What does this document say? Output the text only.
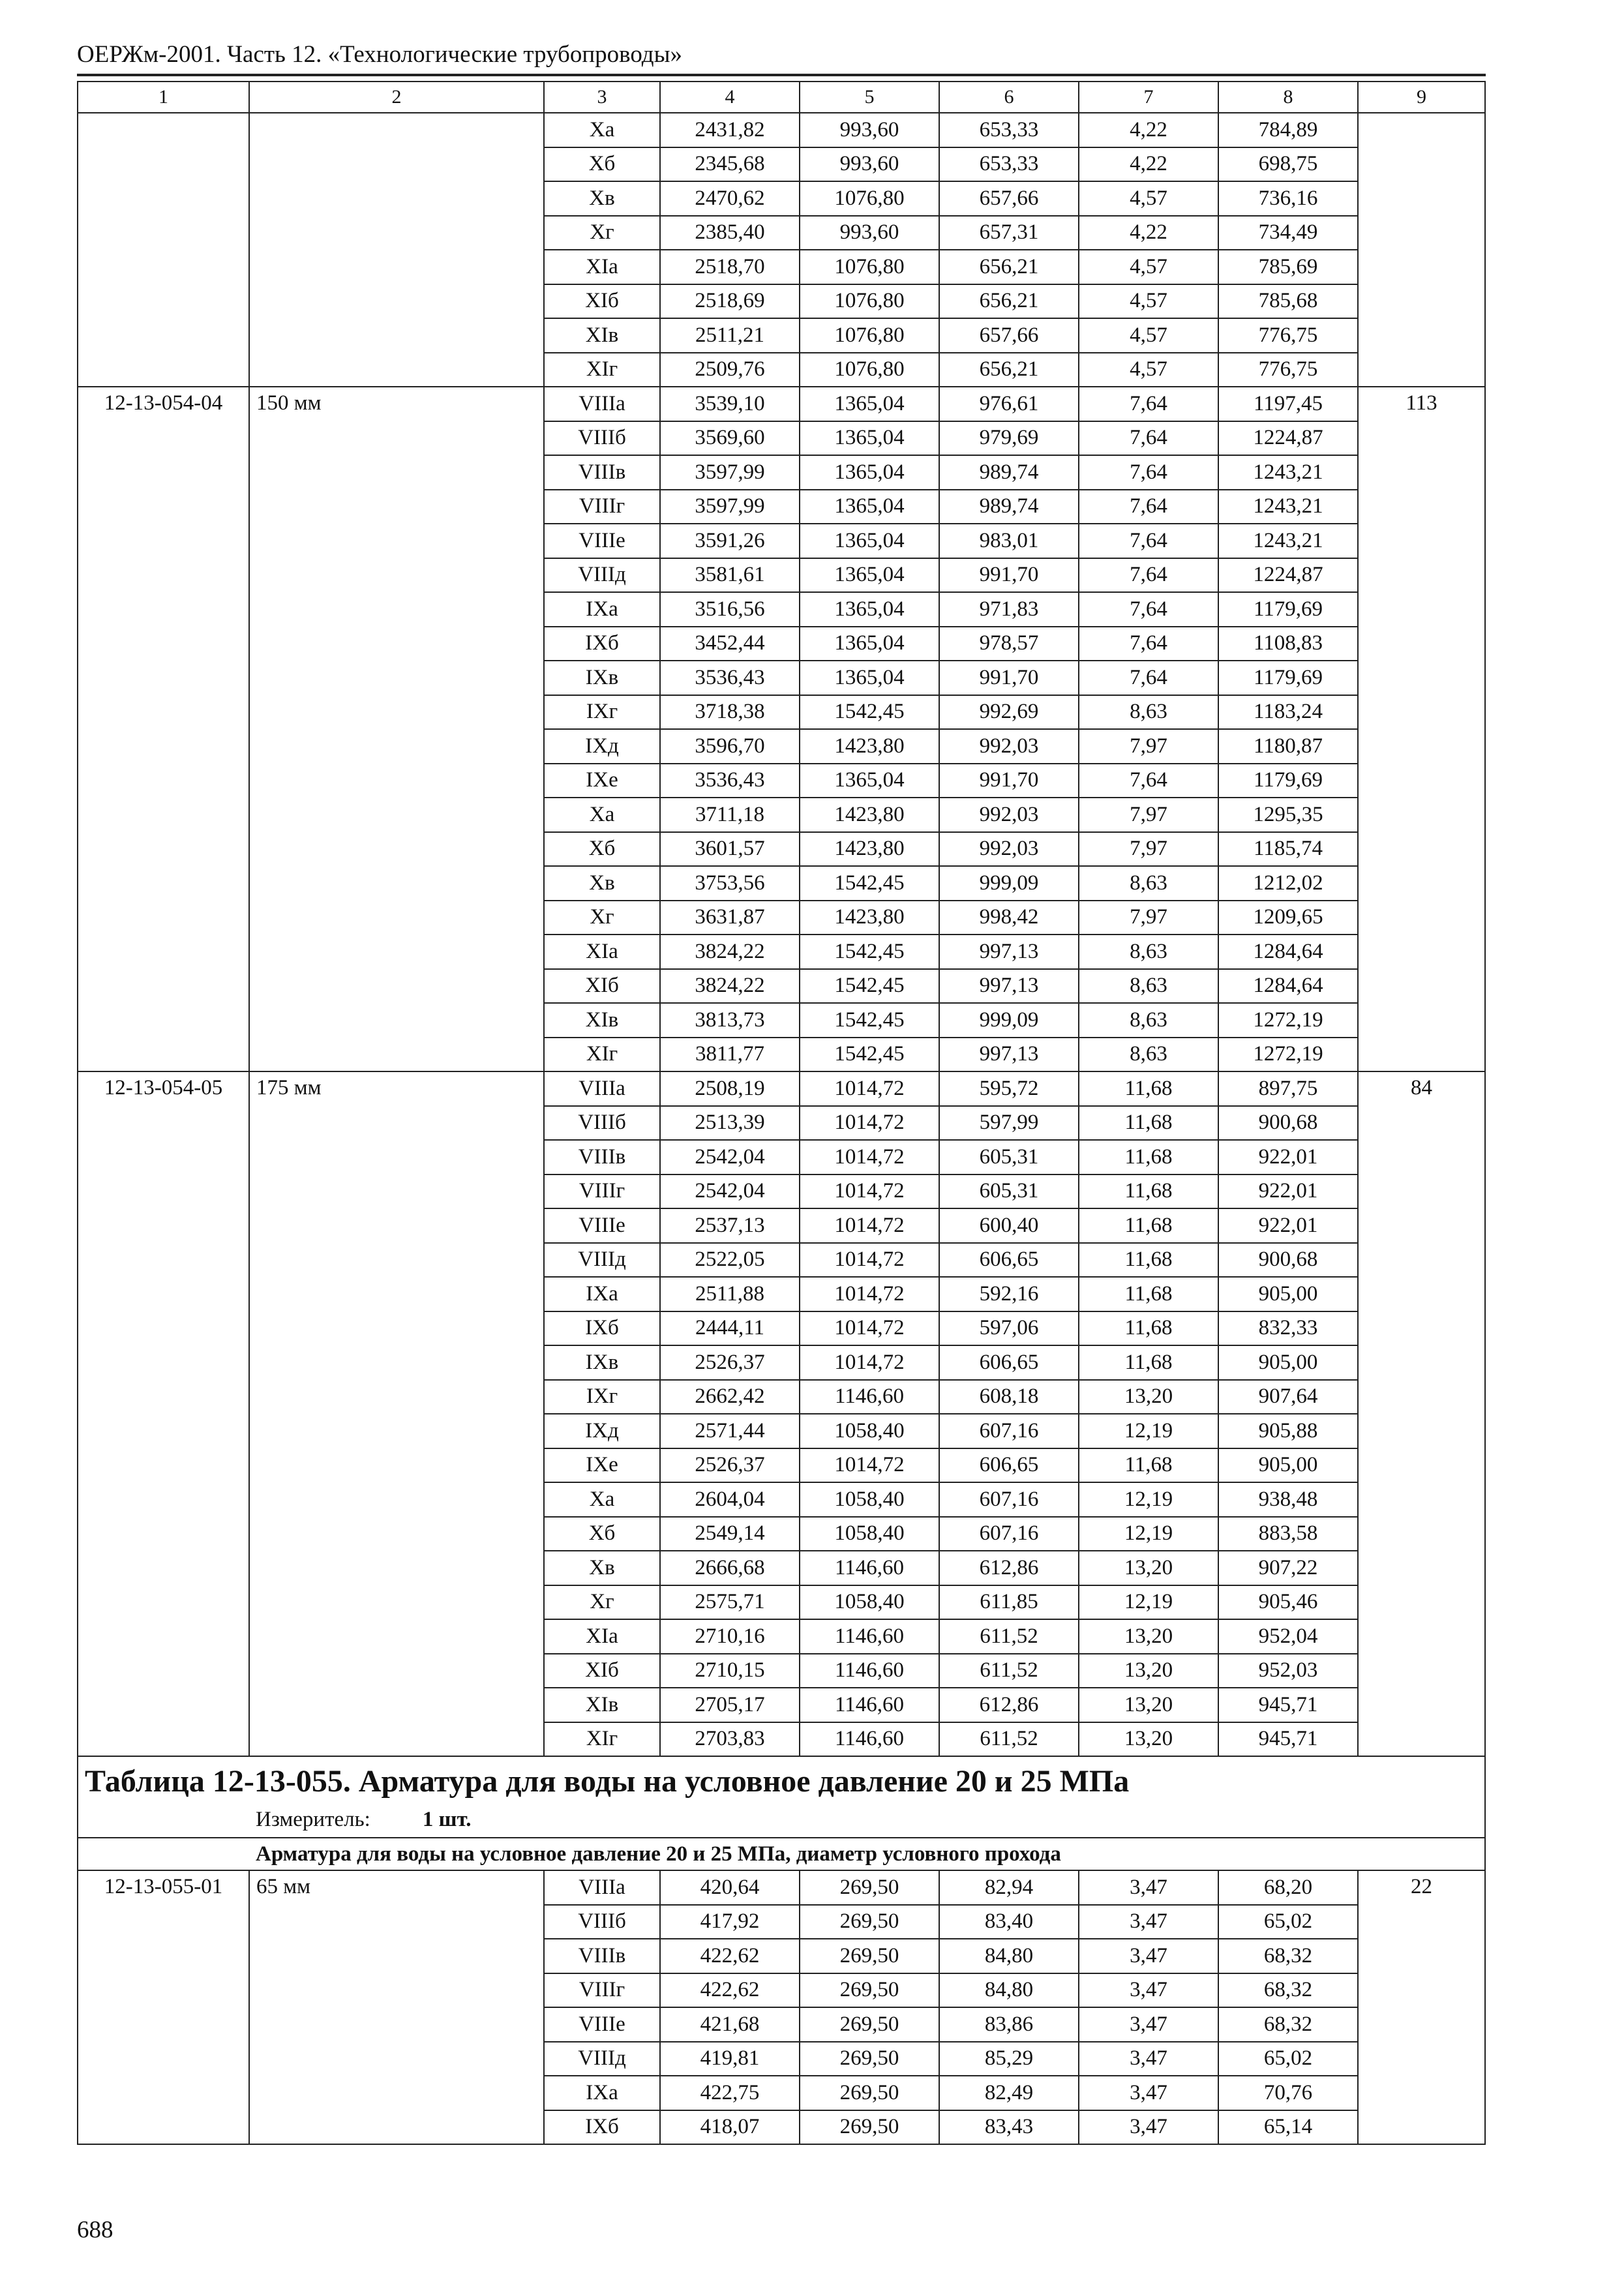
ОЕРЖм-2001. Часть 12. «Технологические трубопроводы»
1	2	3	4	5	6	7	8	9
		Xa	2431,82	993,60	653,33	4,22	784,89	
		Xб	2345,68	993,60	653,33	4,22	698,75	
		Xв	2470,62	1076,80	657,66	4,57	736,16	
		Xг	2385,40	993,60	657,31	4,22	734,49	
		XIa	2518,70	1076,80	656,21	4,57	785,69	
		XIб	2518,69	1076,80	656,21	4,57	785,68	
		XIв	2511,21	1076,80	657,66	4,57	776,75	
		XIг	2509,76	1076,80	656,21	4,57	776,75	
12-13-054-04	150 мм	VIIIa	3539,10	1365,04	976,61	7,64	1197,45	113
		VIIIб	3569,60	1365,04	979,69	7,64	1224,87	
		VIIIв	3597,99	1365,04	989,74	7,64	1243,21	
		VIIIг	3597,99	1365,04	989,74	7,64	1243,21	
		VIIIe	3591,26	1365,04	983,01	7,64	1243,21	
		VIIIд	3581,61	1365,04	991,70	7,64	1224,87	
		IXa	3516,56	1365,04	971,83	7,64	1179,69	
		IXб	3452,44	1365,04	978,57	7,64	1108,83	
		IXв	3536,43	1365,04	991,70	7,64	1179,69	
		IXг	3718,38	1542,45	992,69	8,63	1183,24	
		IXд	3596,70	1423,80	992,03	7,97	1180,87	
		IXe	3536,43	1365,04	991,70	7,64	1179,69	
		Xa	3711,18	1423,80	992,03	7,97	1295,35	
		Xб	3601,57	1423,80	992,03	7,97	1185,74	
		Xв	3753,56	1542,45	999,09	8,63	1212,02	
		Xг	3631,87	1423,80	998,42	7,97	1209,65	
		XIa	3824,22	1542,45	997,13	8,63	1284,64	
		XIб	3824,22	1542,45	997,13	8,63	1284,64	
		XIв	3813,73	1542,45	999,09	8,63	1272,19	
		XIг	3811,77	1542,45	997,13	8,63	1272,19	
12-13-054-05	175 мм	VIIIa	2508,19	1014,72	595,72	11,68	897,75	84
		VIIIб	2513,39	1014,72	597,99	11,68	900,68	
		VIIIв	2542,04	1014,72	605,31	11,68	922,01	
		VIIIг	2542,04	1014,72	605,31	11,68	922,01	
		VIIIe	2537,13	1014,72	600,40	11,68	922,01	
		VIIIд	2522,05	1014,72	606,65	11,68	900,68	
		IXa	2511,88	1014,72	592,16	11,68	905,00	
		IXб	2444,11	1014,72	597,06	11,68	832,33	
		IXв	2526,37	1014,72	606,65	11,68	905,00	
		IXг	2662,42	1146,60	608,18	13,20	907,64	
		IXд	2571,44	1058,40	607,16	12,19	905,88	
		IXe	2526,37	1014,72	606,65	11,68	905,00	
		Xa	2604,04	1058,40	607,16	12,19	938,48	
		Xб	2549,14	1058,40	607,16	12,19	883,58	
		Xв	2666,68	1146,60	612,86	13,20	907,22	
		Xг	2575,71	1058,40	611,85	12,19	905,46	
		XIa	2710,16	1146,60	611,52	13,20	952,04	
		XIб	2710,15	1146,60	611,52	13,20	952,03	
		XIв	2705,17	1146,60	612,86	13,20	945,71	
		XIг	2703,83	1146,60	611,52	13,20	945,71	

Таблица 12-13-055. Арматура для воды на условное давление 20 и 25 МПа
Измеритель: 1 шт.								

Арматура для воды на условное давление 20 и 25 МПа, диаметр условного прохода								
12-13-055-01	65 мм	VIIIa	420,64	269,50	82,94	3,47	68,20	22
		VIIIб	417,92	269,50	83,40	3,47	65,02	
		VIIIв	422,62	269,50	84,80	3,47	68,32	
		VIIIг	422,62	269,50	84,80	3,47	68,32	
		VIIIe	421,68	269,50	83,86	3,47	68,32	
		VIIIд	419,81	269,50	85,29	3,47	65,02	
		IXa	422,75	269,50	82,49	3,47	70,76	
		IXб	418,07	269,50	83,43	3,47	65,14	
688
